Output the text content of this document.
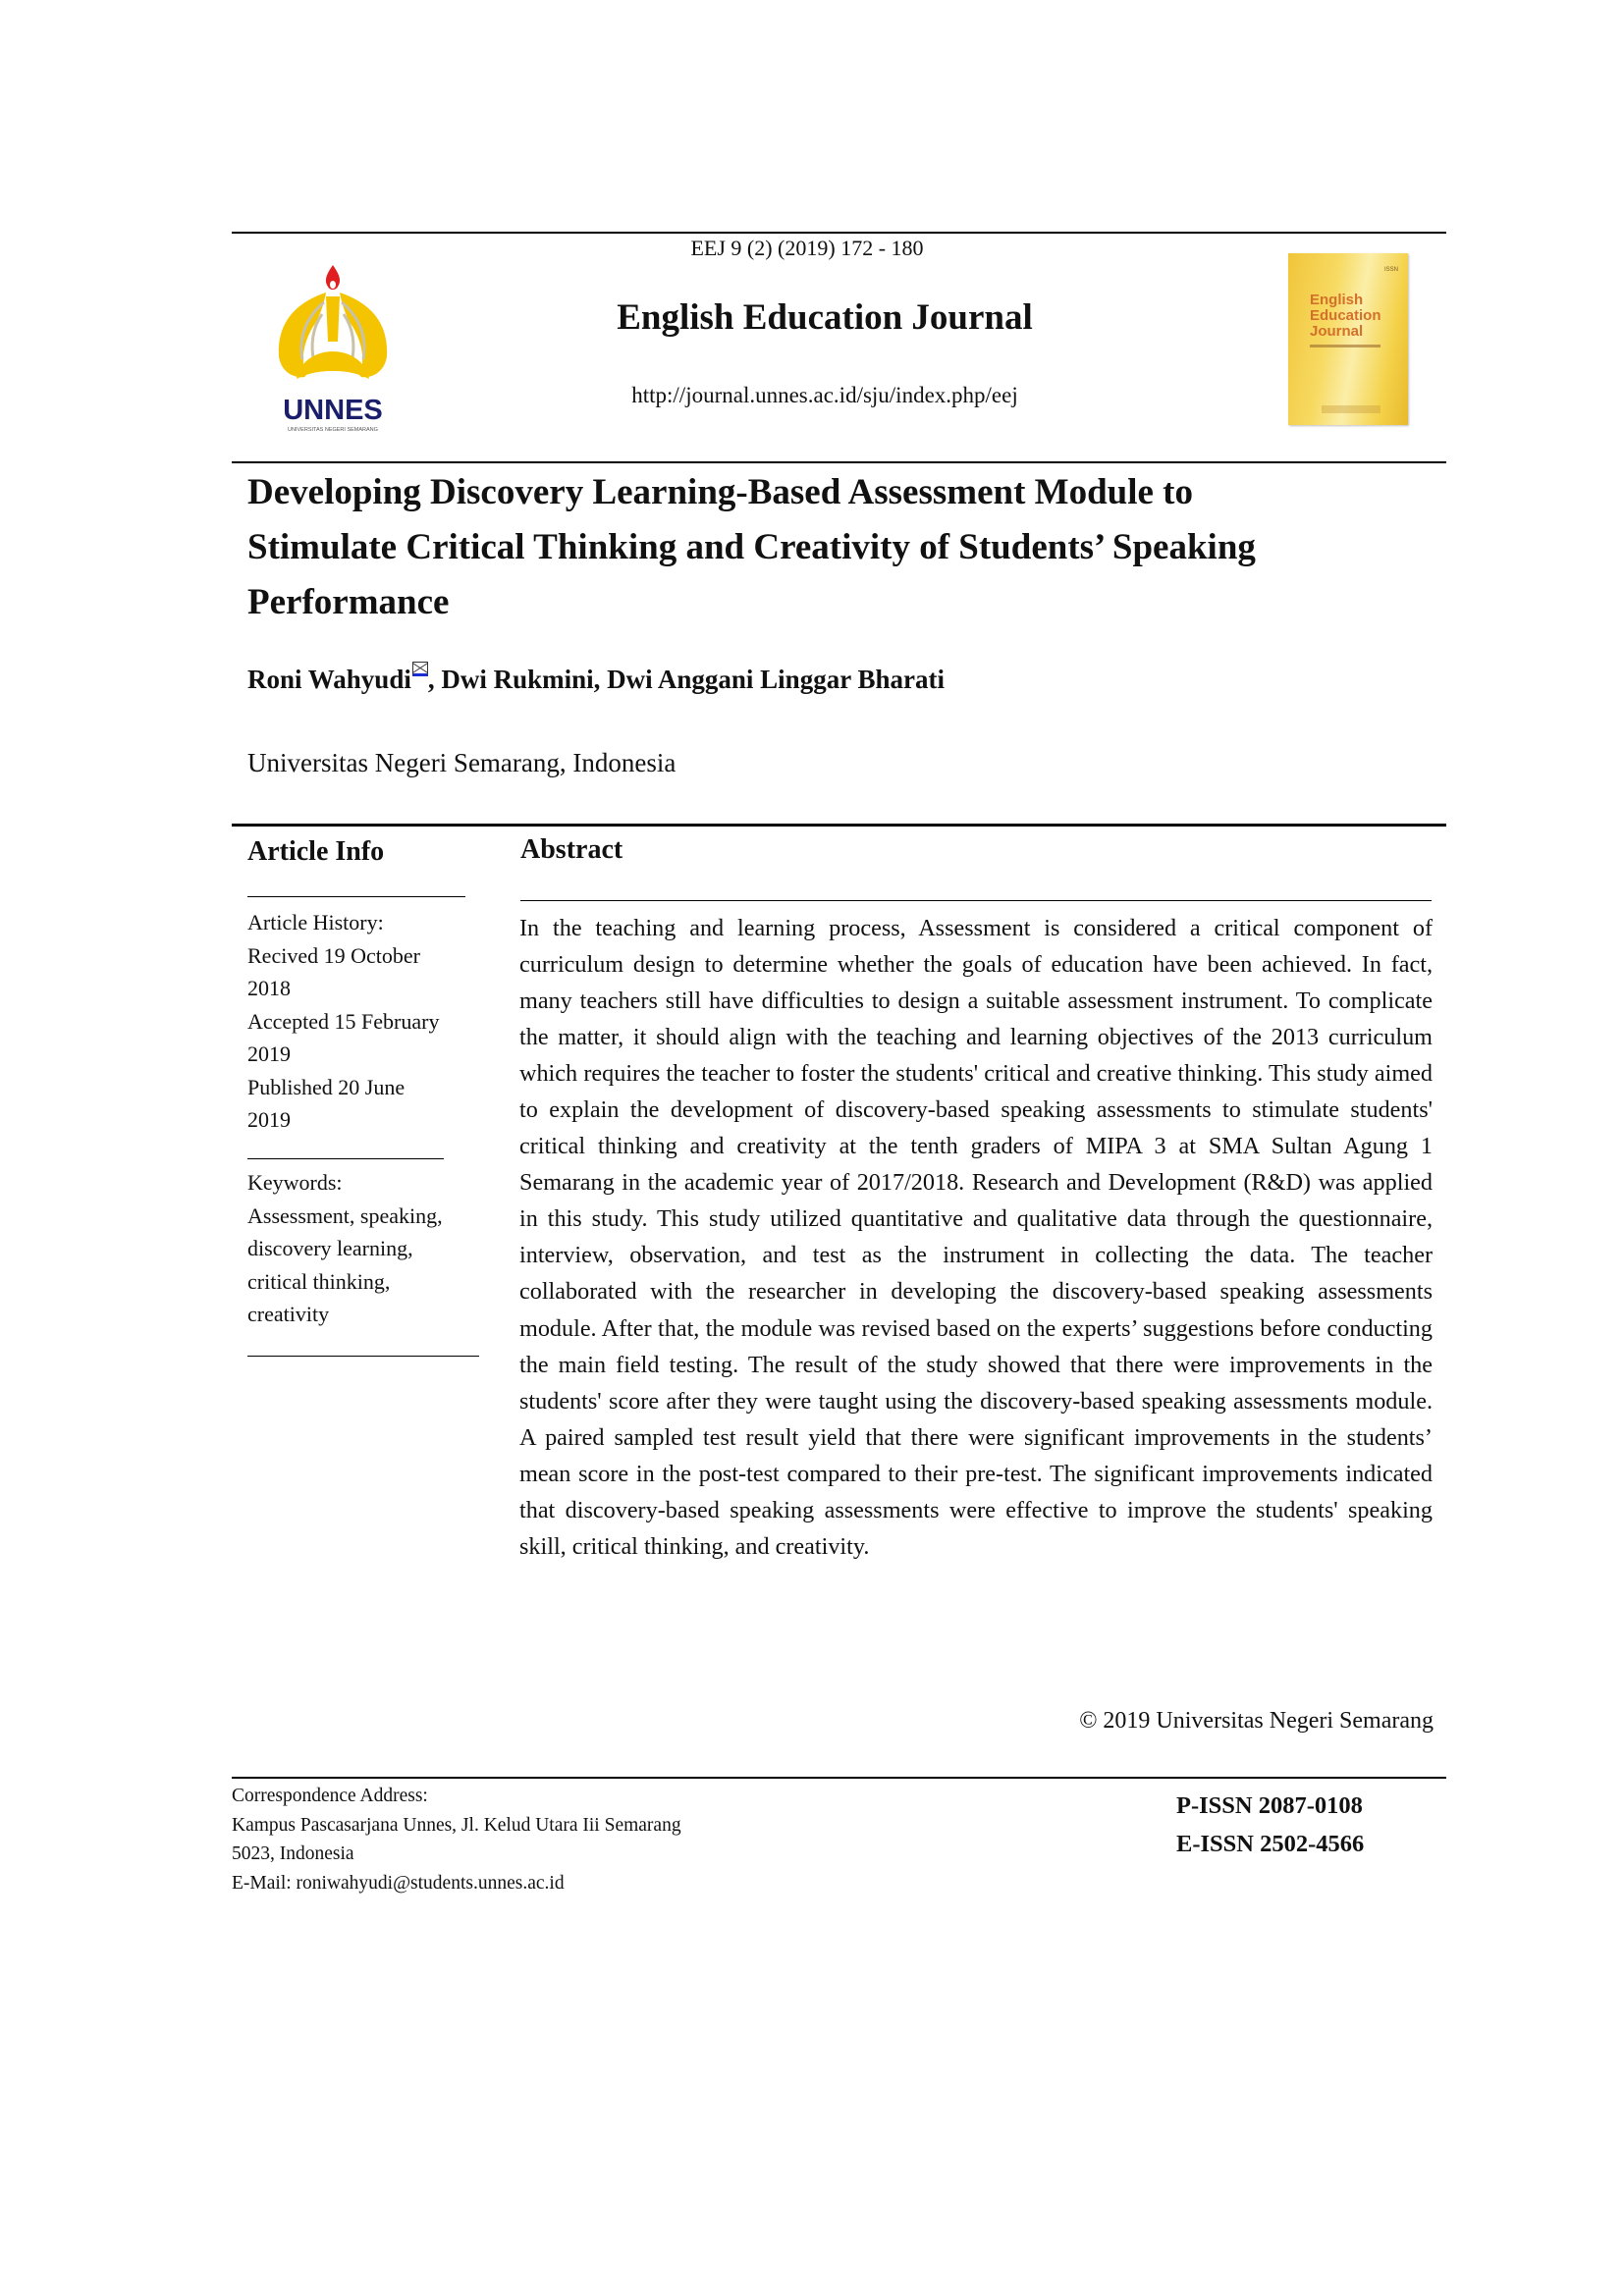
EEJ 9 (2) (2019) 172 - 180
UNNES
UNIVERSITAS NEGERI SEMARANG
English Education Journal
http://journal.unnes.ac.id/sju/index.php/eej
ISSN
English
Education
Journal
Developing Discovery Learning-Based Assessment Module to
Stimulate Critical Thinking and Creativity of Students’ Speaking
Performance
Roni Wahyudi , Dwi Rukmini, Dwi Anggani Linggar Bharati
Universitas Negeri Semarang, Indonesia
Article Info
Article History:
Recived 19 October
2018
Accepted 15 February
2019
Published 20 June
2019
Keywords:
Assessment, speaking,
discovery learning,
critical thinking,
creativity
Abstract
In the teaching and learning process, Assessment is considered a critical component of curriculum design to determine whether the goals of education have been achieved. In fact, many teachers still have difficulties to design a suitable assessment instrument. To complicate the matter, it should align with the teaching and learning objectives of the 2013 curriculum which requires the teacher to foster the students' critical and creative thinking. This study aimed to explain the development of discovery-based speaking assessments to stimulate students' critical thinking and creativity at the tenth graders of MIPA 3 at SMA Sultan Agung 1 Semarang in the academic year of 2017/2018. Research and Development (R&D) was applied in this study. This study utilized quantitative and qualitative data through the questionnaire, interview, observation, and test as the instrument in collecting the data. The teacher collaborated with the researcher in developing the discovery-based speaking assessments module. After that, the module was revised based on the experts’ suggestions before conducting the main field testing. The result of the study showed that there were improvements in the students' score after they were taught using the discovery-based speaking assessments module. A paired sampled test result yield that there were significant improvements in the students’ mean score in the post-test compared to their pre-test. The significant improvements indicated that discovery-based speaking assessments were effective to improve the students' speaking skill, critical thinking, and creativity.
© 2019 Universitas Negeri Semarang
Correspondence Address:
Kampus Pascasarjana Unnes, Jl. Kelud Utara Iii Semarang
5023, Indonesia
E-Mail: roniwahyudi@students.unnes.ac.id
P-ISSN 2087-0108
E-ISSN 2502-4566
